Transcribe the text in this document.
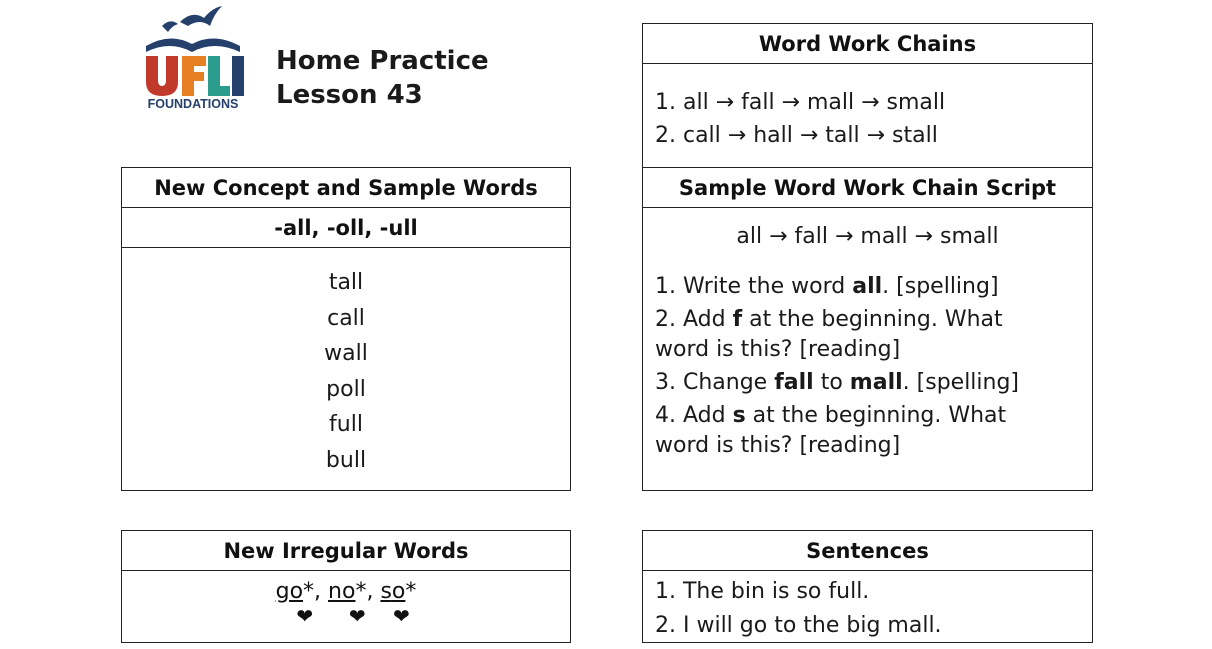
FOUNDATIONS
Home Practice
Lesson 43
New Concept and Sample Words
-all, -oll, -ull
tall
call
wall
poll
full
bull
Word Work Chains
1. all → fall → mall → small
2. call → hall → tall → stall
Sample Word Work Chain Script
all → fall → mall → small
1. Write the word all. [spelling]
2. Add f at the beginning. What
word is this? [reading]
3. Change fall to mall. [spelling]
4. Add s at the beginning. What
word is this? [reading]
New Irregular Words
go*,
❤
no*,
❤
so*
❤
Sentences
1. The bin is so full.
2. I will go to the big mall.
